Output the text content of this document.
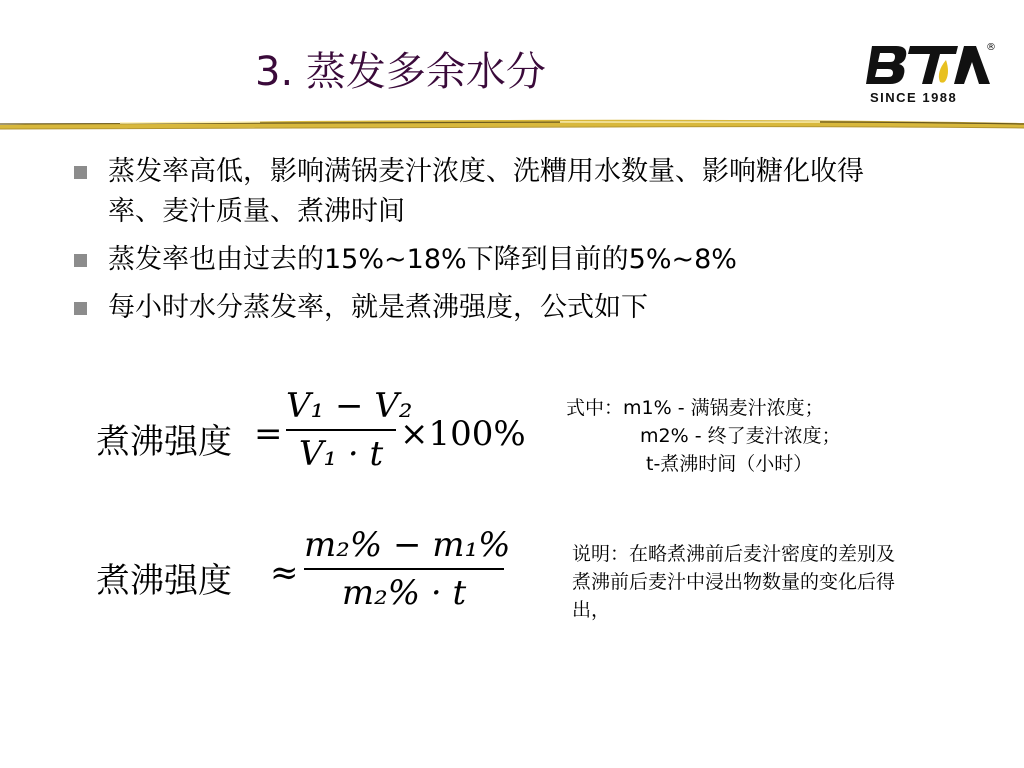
3. 蒸发多余水分
®
SINCE 1988
蒸发率高低，影响满锅麦汁浓度、洗糟用水数量、影响糖化收得率、麦汁质量、煮沸时间
蒸发率也由过去的15%~18%下降到目前的5%~8%
每小时水分蒸发率，就是煮沸强度，公式如下
煮沸强度 =
V₁ − V₂
V₁ · t ×100%
煮沸强度 ≈
m₂% − m₁%
m₂% · t
式中：m1% - 满锅麦汁浓度；
m2% - 终了麦汁浓度；
t-煮沸时间（小时）
说明：在略煮沸前后麦汁密度的差别及煮沸前后麦汁中浸出物数量的变化后得出，
